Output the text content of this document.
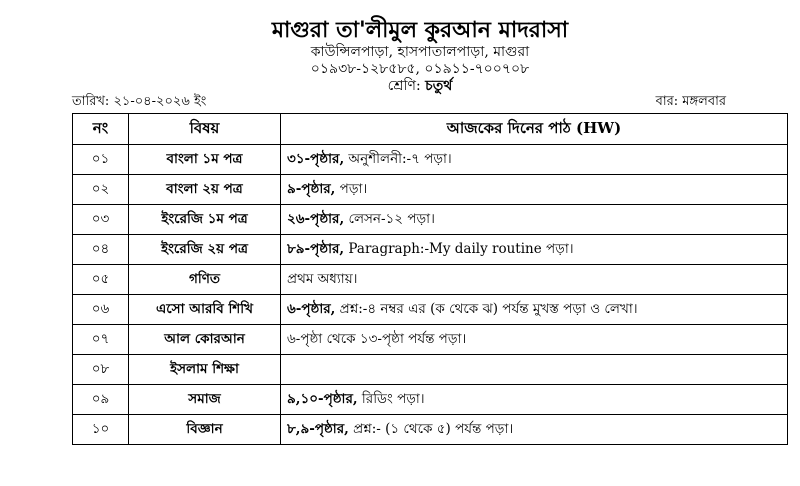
মাগুরা তা'লীমুল কুরআন মাদরাসা
কাউন্সিলপাড়া, হাসপাতালপাড়া, মাগুরা
০১৯৩৮-১২৮৫৮৫, ০১৯১১-৭০০৭০৮
শ্রেণি: চতুর্থ
তারিখ: ২১-০৪-২০২৬ ইং	বার: মঙ্গলবার
নং	বিষয়	আজকের দিনের পাঠ (HW)
০১	বাংলা ১ম পত্র	৩১-পৃষ্ঠার, অনুশীলনী:-৭ পড়া।
০২	বাংলা ২য় পত্র	৯-পৃষ্ঠার, পড়া।
০৩	ইংরেজি ১ম পত্র	২৬-পৃষ্ঠার, লেসন-১২ পড়া।
০৪	ইংরেজি ২য় পত্র	৮৯-পৃষ্ঠার, Paragraph:-My daily routine পড়া।
০৫	গণিত	প্রথম অধ্যায়।
০৬	এসো আরবি শিখি	৬-পৃষ্ঠার, প্রশ্ন:-৪ নম্বর এর (ক থেকে ঝ) পর্যন্ত মুখস্ত পড়া ও লেখা।
০৭	আল কোরআন	৬-পৃষ্ঠা থেকে ১৩-পৃষ্ঠা পর্যন্ত পড়া।
০৮	ইসলাম শিক্ষা	
০৯	সমাজ	৯,১০-পৃষ্ঠার, রিডিং পড়া।
১০	বিজ্ঞান	৮,৯-পৃষ্ঠার, প্রশ্ন:- (১ থেকে ৫) পর্যন্ত পড়া।
